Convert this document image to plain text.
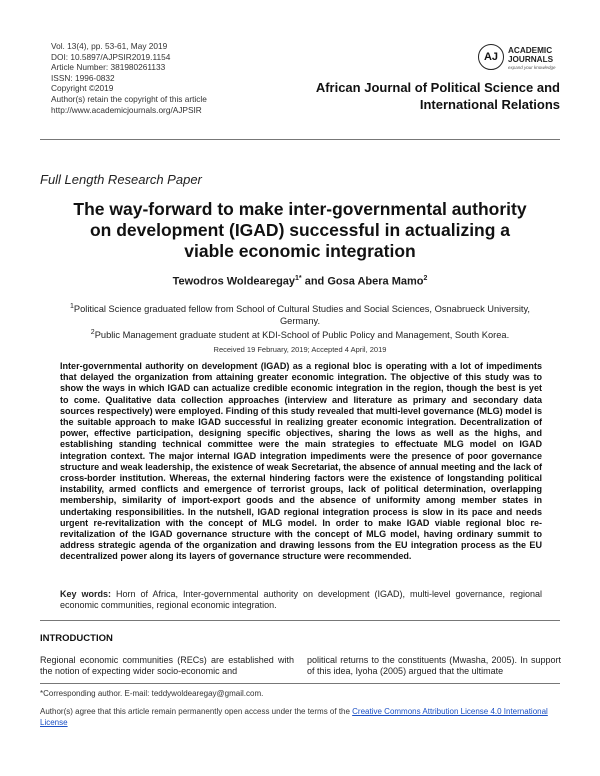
Vol. 13(4), pp. 53-61, May 2019
DOI: 10.5897/AJPSIR2019.1154
Article Number: 381980261133
ISSN: 1996-0832
Copyright ©2019
Author(s) retain the copyright of this article
http://www.academicjournals.org/AJPSIR
AJ
ACADEMIC
JOURNALS
expand your knowledge
African Journal of Political Science and
International Relations
Full Length Research Paper
The way-forward to make inter-governmental authority
on development (IGAD) successful in actualizing a
viable economic integration
Tewodros Woldearegay$^{1*}$ and Gosa Abera Mamo$^2$
$^1$Political Science graduated fellow from School of Cultural Studies and Social Sciences, Osnabrueck University,
Germany.
$^2$Public Management graduate student at KDI-School of Public Policy and Management, South Korea.
Received 19 February, 2019; Accepted 4 April, 2019
Inter-governmental authority on development (IGAD) as a regional bloc is operating with a lot of impediments that delayed the organization from attaining greater economic integration. The objective of this study was to show the ways in which IGAD can actualize credible economic integration in the region, though the best is yet to come. Qualitative data collection approaches (interview and literature as primary and secondary data sources respectively) were employed. Finding of this study revealed that multi-level governance (MLG) model is the suitable approach to make IGAD successful in realizing greater economic integration. Decentralization of power, effective participation, designing specific objectives, sharing the lows as well as the highs, and establishing standing technical committee were the main strategies to effectuate MLG model on IGAD integration context. The major internal IGAD integration impediments were the presence of poor governance structure and weak leadership, the existence of weak Secretariat, the absence of annual meeting and the lack of cross-border institution. Whereas, the external hindering factors were the existence of longstanding political instability, armed conflicts and emergence of terrorist groups, lack of political determination, overlapping membership, similarity of import-export goods and the absence of uniformity among member states in undertaking responsibilities. In the nutshell, IGAD regional integration process is slow in its pace and needs urgent re-revitalization with the concept of MLG model. In order to make IGAD viable regional bloc re-revitalization of the IGAD governance structure with the concept of MLG model, having ordinary summit to address strategic agenda of the organization and drawing lessons from the EU integration process as the EU decentralized power along its layers of governance structure were recommended.
Key words: Horn of Africa, Inter-governmental authority on development (IGAD), multi-level governance, regional economic communities, regional economic integration.
INTRODUCTION
Regional economic communities (RECs) are established with the notion of expecting wider socio-economic and
political returns to the constituents (Mwasha, 2005). In support of this idea, Iyoha (2005) argued that the ultimate
*Corresponding author. E-mail: teddywoldearegay@gmail.com.
Author(s) agree that this article remain permanently open access under the terms of the Creative Commons Attribution License 4.0 International License
